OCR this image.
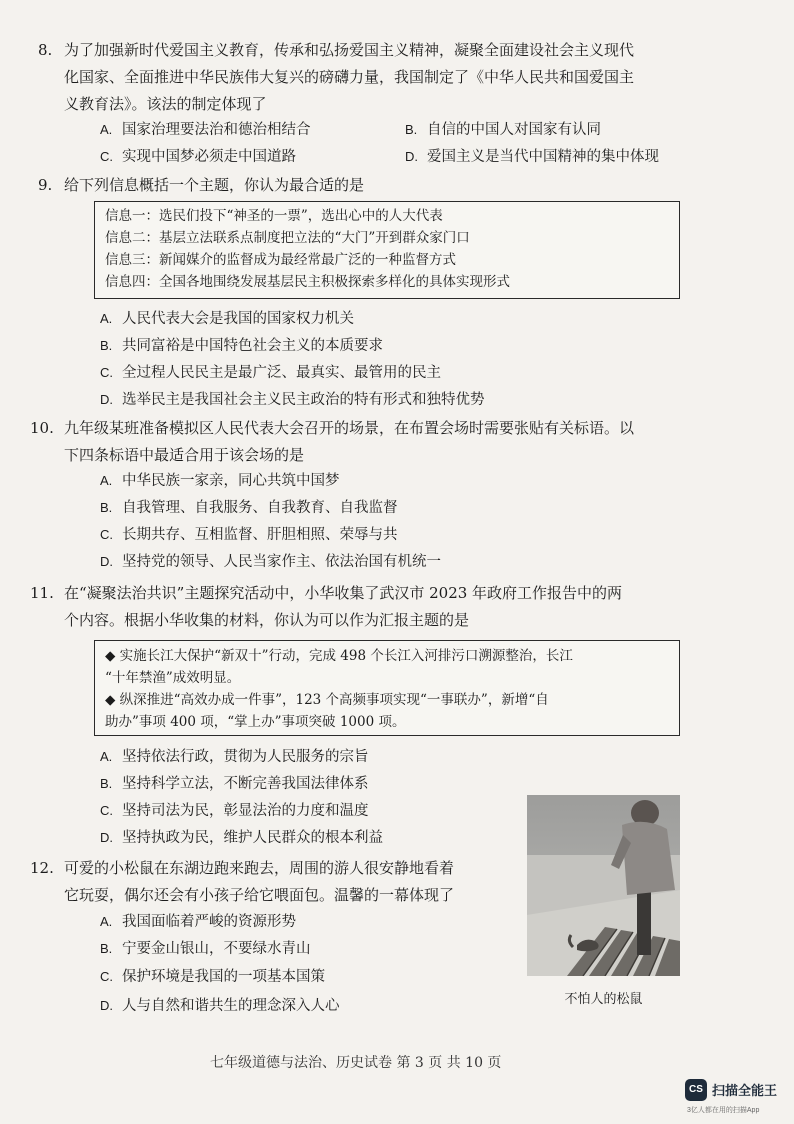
8. 为了加强新时代爱国主义教育，传承和弘扬爱国主义精神，凝聚全面建设社会主义现代
化国家、全面推进中华民族伟大复兴的磅礴力量，我国制定了《中华人民共和国爱国主
义教育法》。该法的制定体现了
A. 国家治理要法治和德治相结合	B. 自信的中国人对国家有认同
C. 实现中国梦必须走中国道路	D. 爱国主义是当代中国精神的集中体现
9. 给下列信息概括一个主题，你认为最合适的是
信息一：选民们投下“神圣的一票”，选出心中的人大代表
信息二：基层立法联系点制度把立法的“大门”开到群众家门口
信息三：新闻媒介的监督成为最经常最广泛的一种监督方式
信息四：全国各地围绕发展基层民主积极探索多样化的具体实现形式
A. 人民代表大会是我国的国家权力机关
B. 共同富裕是中国特色社会主义的本质要求
C. 全过程人民民主是最广泛、最真实、最管用的民主
D. 选举民主是我国社会主义民主政治的特有形式和独特优势
10. 九年级某班准备模拟区人民代表大会召开的场景，在布置会场时需要张贴有关标语。以
下四条标语中最适合用于该会场的是
A. 中华民族一家亲，同心共筑中国梦
B. 自我管理、自我服务、自我教育、自我监督
C. 长期共存、互相监督、肝胆相照、荣辱与共
D. 坚持党的领导、人民当家作主、依法治国有机统一
11. 在“凝聚法治共识”主题探究活动中，小华收集了武汉市 2023 年政府工作报告中的两
个内容。根据小华收集的材料，你认为可以作为汇报主题的是
◆ 实施长江大保护“新双十”行动，完成 498 个长江入河排污口溯源整治，长江
“十年禁渔”成效明显。
◆ 纵深推进“高效办成一件事”，123 个高频事项实现“一事联办”，新增“自
助办”事项 400 项，“掌上办”事项突破 1000 项。
A. 坚持依法行政，贯彻为人民服务的宗旨
B. 坚持科学立法，不断完善我国法律体系
C. 坚持司法为民，彰显法治的力度和温度
D. 坚持执政为民，维护人民群众的根本利益
12. 可爱的小松鼠在东湖边跑来跑去，周围的游人很安静地看着
它玩耍，偶尔还会有小孩子给它喂面包。温馨的一幕体现了
A. 我国面临着严峻的资源形势
B. 宁要金山银山，不要绿水青山
C. 保护环境是我国的一项基本国策
D. 人与自然和谐共生的理念深入人心	不怕人的松鼠
七年级道德与法治、历史试卷 第 3 页 共 10 页
CS 扫描全能王
3亿人都在用的扫描App
